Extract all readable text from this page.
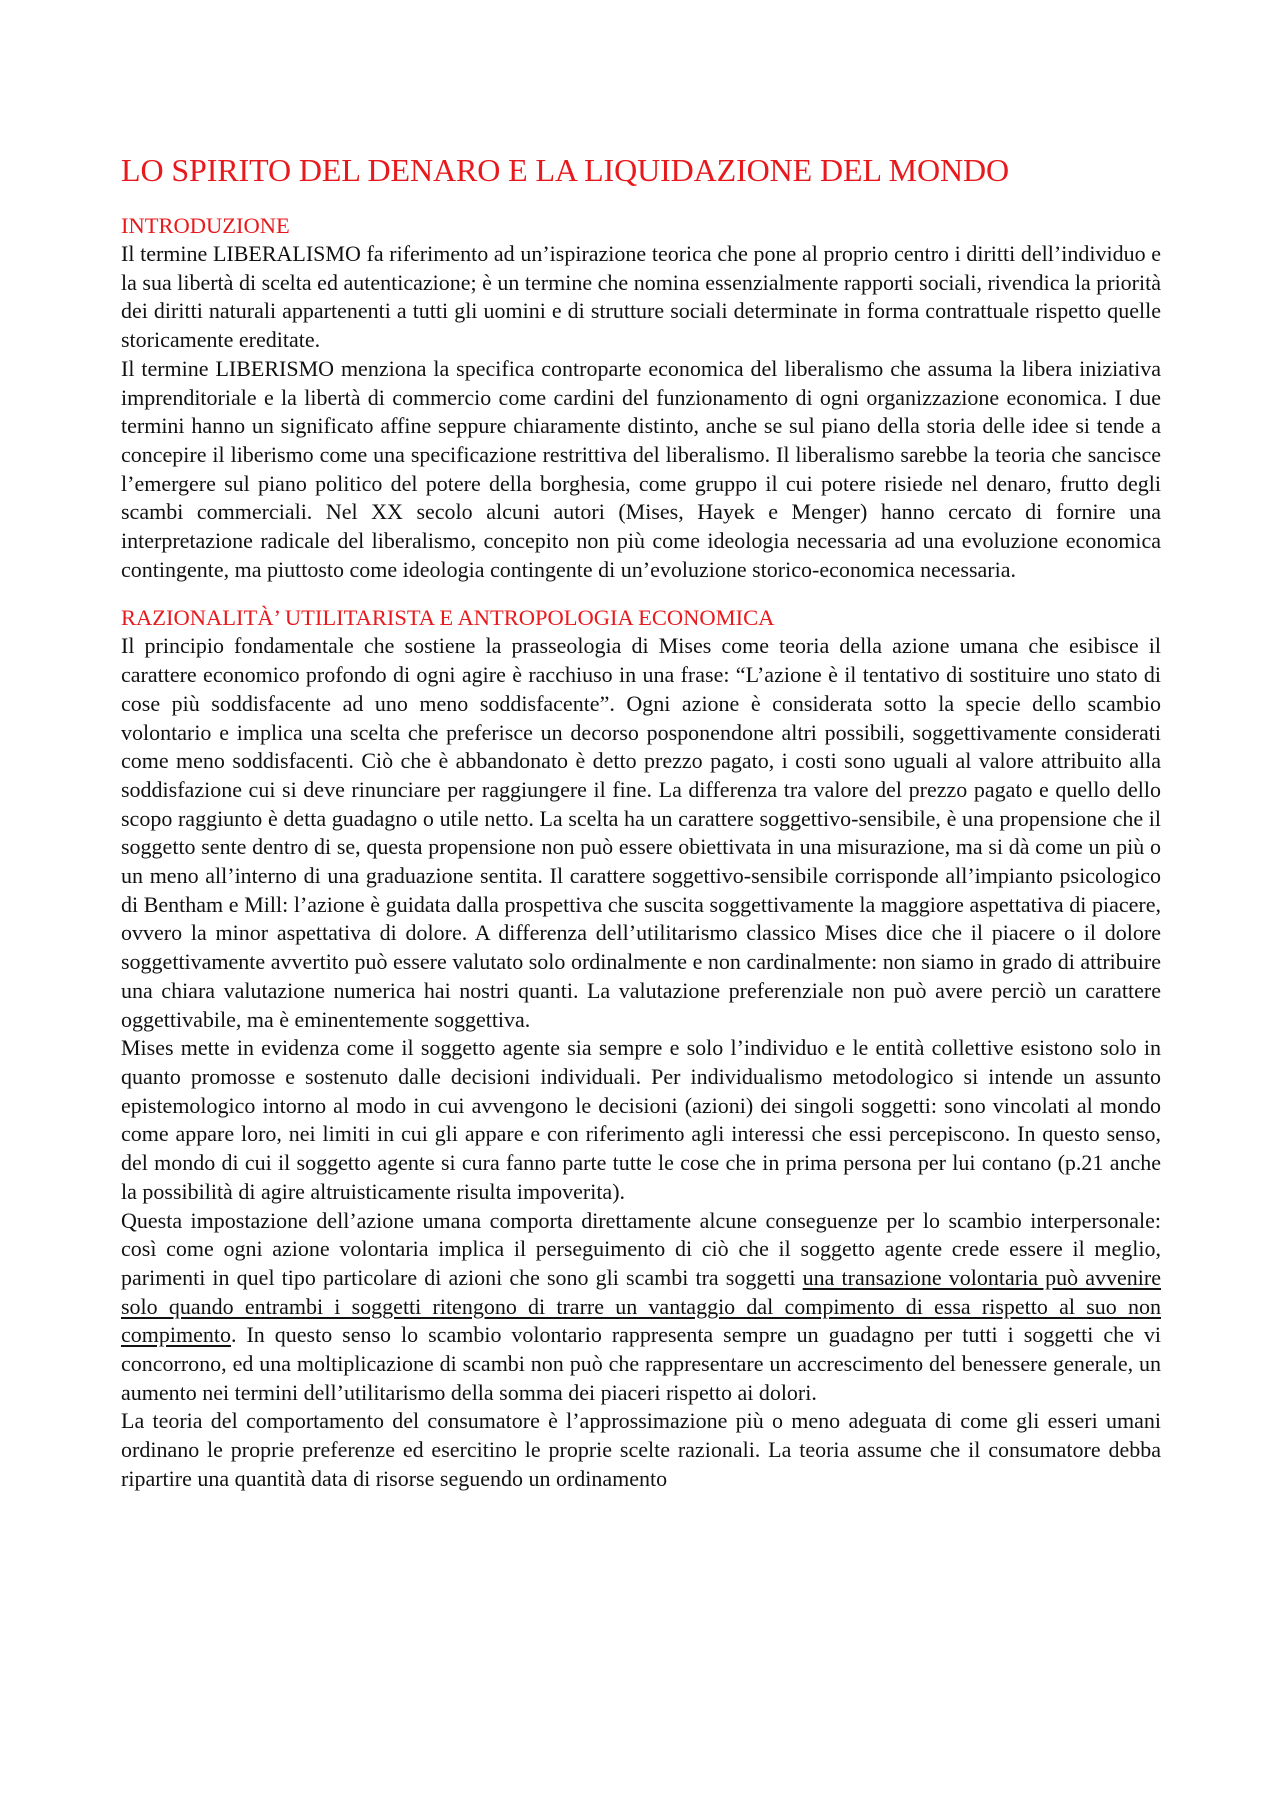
LO SPIRITO DEL DENARO E LA LIQUIDAZIONE DEL MONDO
INTRODUZIONE

Il termine LIBERALISMO fa riferimento ad un’ispirazione teorica che pone al proprio centro i diritti dell’individuo e la sua libertà di scelta ed autenticazione; è un termine che nomina essenzialmente rapporti sociali, rivendica la priorità dei diritti naturali appartenenti a tutti gli uomini e di strutture sociali determinate in forma contrattuale rispetto quelle storicamente ereditate.

Il termine LIBERISMO menziona la specifica controparte economica del liberalismo che assuma la libera iniziativa imprenditoriale e la libertà di commercio come cardini del funzionamento di ogni organizzazione economica. I due termini hanno un significato affine seppure chiaramente distinto, anche se sul piano della storia delle idee si tende a concepire il liberismo come una specificazione restrittiva del liberalismo. Il liberalismo sarebbe la teoria che sancisce l’emergere sul piano politico del potere della borghesia, come gruppo il cui potere risiede nel denaro, frutto degli scambi commerciali. Nel XX secolo alcuni autori (Mises, Hayek e Menger) hanno cercato di fornire una interpretazione radicale del liberalismo, concepito non più come ideologia necessaria ad una evoluzione economica contingente, ma piuttosto come ideologia contingente di un’evoluzione storico-economica necessaria.

RAZIONALITÀ’ UTILITARISTA E ANTROPOLOGIA ECONOMICA

Il principio fondamentale che sostiene la prasseologia di Mises come teoria della azione umana che esibisce il carattere economico profondo di ogni agire è racchiuso in una frase: “L’azione è il tentativo di sostituire uno stato di cose più soddisfacente ad uno meno soddisfacente”. Ogni azione è considerata sotto la specie dello scambio volontario e implica una scelta che preferisce un decorso posponendone altri possibili, soggettivamente considerati come meno soddisfacenti. Ciò che è abbandonato è detto prezzo pagato, i costi sono uguali al valore attribuito alla soddisfazione cui si deve rinunciare per raggiungere il fine. La differenza tra valore del prezzo pagato e quello dello scopo raggiunto è detta guadagno o utile netto. La scelta ha un carattere soggettivo-sensibile, è una propensione che il soggetto sente dentro di se, questa propensione non può essere obiettivata in una misurazione, ma si dà come un più o un meno all’interno di una graduazione sentita. Il carattere soggettivo-sensibile corrisponde all’impianto psicologico di Bentham e Mill: l’azione è guidata dalla prospettiva che suscita soggettivamente la maggiore aspettativa di piacere, ovvero la minor aspettativa di dolore. A differenza dell’utilitarismo classico Mises dice che il piacere o il dolore soggettivamente avvertito può essere valutato solo ordinalmente e non cardinalmente: non siamo in grado di attribuire una chiara valutazione numerica hai nostri quanti. La valutazione preferenziale non può avere perciò un carattere oggettivabile, ma è eminentemente soggettiva.

Mises mette in evidenza come il soggetto agente sia sempre e solo l’individuo e le entità collettive esistono solo in quanto promosse e sostenuto dalle decisioni individuali. Per individualismo metodologico si intende un assunto epistemologico intorno al modo in cui avvengono le decisioni (azioni) dei singoli soggetti: sono vincolati al mondo come appare loro, nei limiti in cui gli appare e con riferimento agli interessi che essi percepiscono. In questo senso, del mondo di cui il soggetto agente si cura fanno parte tutte le cose che in prima persona per lui contano (p.21 anche la possibilità di agire altruisticamente risulta impoverita).

Questa impostazione dell’azione umana comporta direttamente alcune conseguenze per lo scambio interpersonale: così come ogni azione volontaria implica il perseguimento di ciò che il soggetto agente crede essere il meglio, parimenti in quel tipo particolare di azioni che sono gli scambi tra soggetti una transazione volontaria può avvenire solo quando entrambi i soggetti ritengono di trarre un vantaggio dal compimento di essa rispetto al suo non compimento. In questo senso lo scambio volontario rappresenta sempre un guadagno per tutti i soggetti che vi concorrono, ed una moltiplicazione di scambi non può che rappresentare un accrescimento del benessere generale, un aumento nei termini dell’utilitarismo della somma dei piaceri rispetto ai dolori.

La teoria del comportamento del consumatore è l’approssimazione più o meno adeguata di come gli esseri umani ordinano le proprie preferenze ed esercitino le proprie scelte razionali. La teoria assume che il consumatore debba ripartire una quantità data di risorse seguendo un ordinamento
